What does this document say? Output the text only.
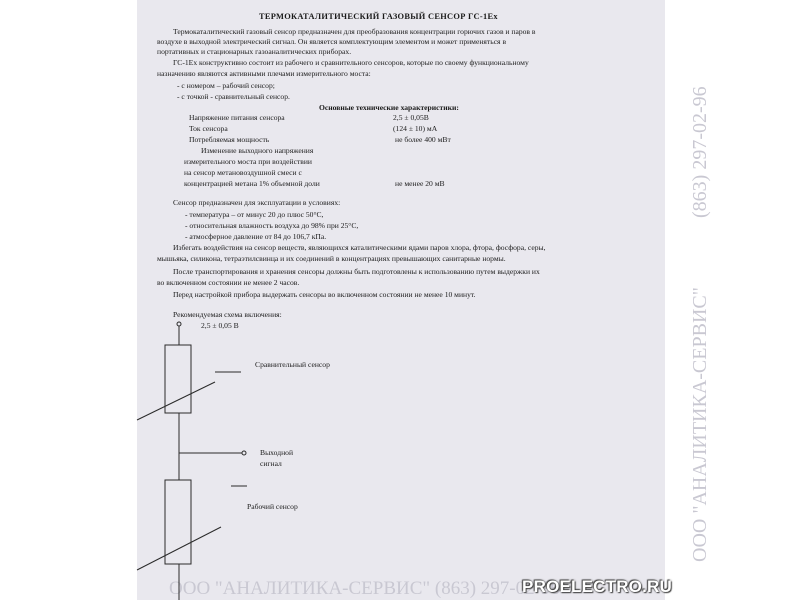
(863) 297-02-96
ООО "АНАЛИТИКА-СЕРВИС"
ООО "АНАЛИТИКА-СЕРВИС" (863) 297-02-96
ТЕРМОКАТАЛИТИЧЕСКИЙ ГАЗОВЫЙ СЕНСОР ГС-1Ех
Термокаталитический газовый сенсор предназначен для преобразования концентрации горючих газов и паров в
воздухе в выходной электрический сигнал. Он является комплектующим элементом и может применяться в
портативных и стационарных газоаналитических приборах.
ГС-1Ех конструктивно состоит из рабочего и сравнительного сенсоров, которые по своему функциональному
назначению являются активными плечами измерительного моста:
- с номером – рабочий сенсор;
- с точкой - сравнительный сенсор.
Основные технические характеристики:
Напряжение питания сенсора	2,5 ± 0,05В
Ток сенсора	(124 ± 10) мА
Потребляемая мощность	не более 400 мВт
Изменение выходного напряжения
измерительного моста при воздействии
на сенсор метановоздушной смеси с
концентрацией метана 1% объемной доли	не менее 20 мВ
Сенсор предназначен для эксплуатации в условиях:
- температура – от минус 20 до плюс 50°С,
- относительная влажность воздуха до 98% при 25°С,
- атмосферное давление от 84 до 106,7 кПа.
Избегать воздействия на сенсор веществ, являющихся каталитическими ядами паров хлора, фтора, фосфора, серы,
мышьяка, силикона, тетраэтилсвинца и их соединений в концентрациях превышающих санитарные нормы.
После транспортирования и хранения сенсоры должны быть подготовлены к использованию путем выдержки их
во включенном состоянии не менее 2 часов.
Перед настройкой прибора выдержать сенсоры во включенном состоянии не менее 10 минут.
Рекомендуемая схема включения:
2,5 ± 0,05 В
Сравнительный сенсор
Выходной
сигнал
Рабочий сенсор
PROELECTRO.RU
